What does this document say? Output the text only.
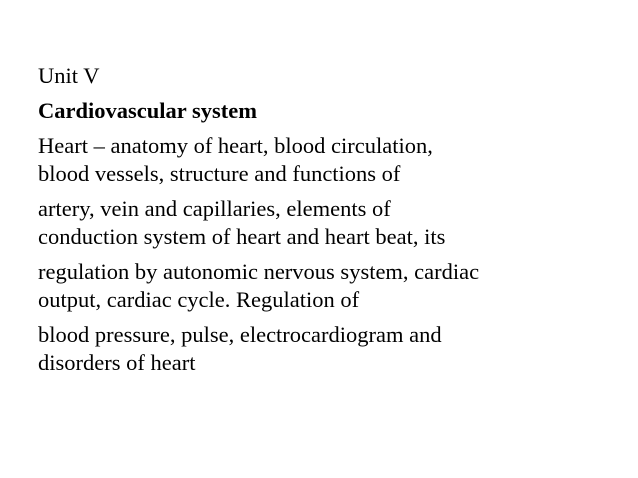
Unit V
Cardiovascular system
Heart – anatomy of heart, blood circulation,
blood vessels, structure and functions of
artery, vein and capillaries, elements of
conduction system of heart and heart beat, its
regulation by autonomic nervous system, cardiac
output, cardiac cycle. Regulation of
blood pressure, pulse, electrocardiogram and
disorders of heart
